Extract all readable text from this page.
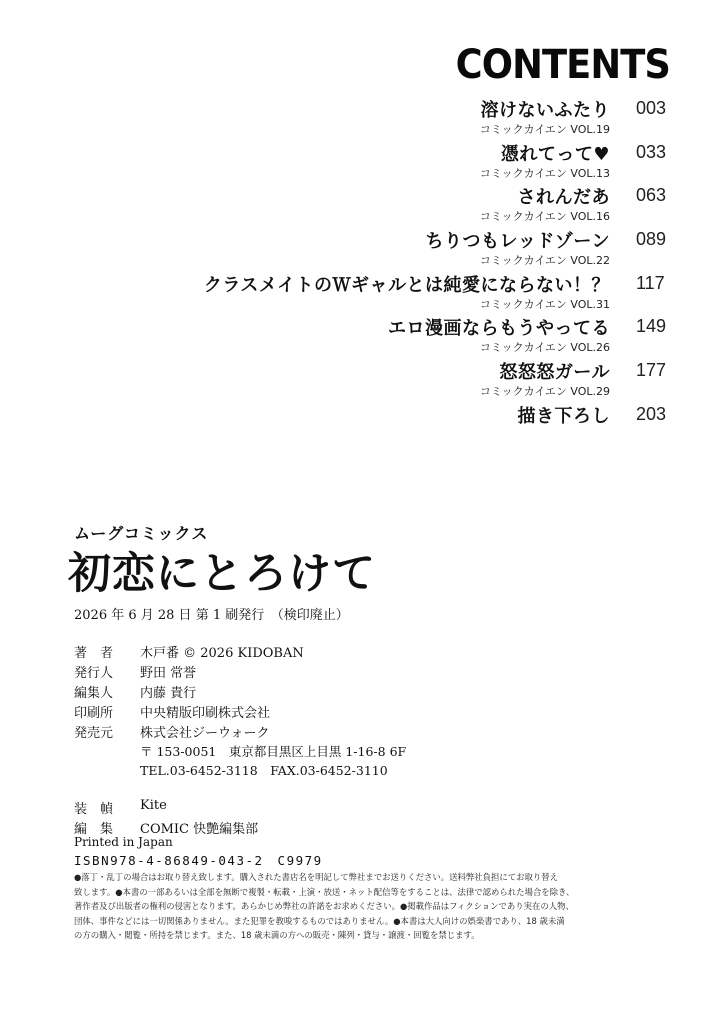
CONTENTS
溶けないふたり
コミックカイエン VOL.19
003
憑れてって♥
コミックカイエン VOL.13
033
されんだあ
コミックカイエン VOL.16
063
ちりつもレッドゾーン
コミックカイエン VOL.22
089
クラスメイトのＷギャルとは純愛にならない！？
コミックカイエン VOL.31
117
エロ漫画ならもうやってる
コミックカイエン VOL.26
149
怒怒怒ガール
コミックカイエン VOL.29
177
描き下ろし 203
ムーグコミックス
初恋にとろけて
2026 年 6 月 28 日 第 1 刷発行　（検印廃止）
著　者 木戸番 © 2026 KIDOBAN
発行人 野田 常誉
編集人 内藤 貴行
印刷所 中央精版印刷株式会社
発売元 株式会社ジーウォーク
〒 153-0051　東京都目黒区上目黒 1-16-8 6F
TEL.03-6452-3118　FAX.03-6452-3110
装　幀 Kite
編　集 COMIC 快艶編集部
Printed in Japan
ISBN978-4-86849-043-2　C9979
●落丁・乱丁の場合はお取り替え致します。購入された書店名を明記して弊社までお送りください。送料弊社負担にてお取り替え
致します。●本書の一部あるいは全部を無断で複製・転載・上演・放送・ネット配信等をすることは、法律で認められた場合を除き、
著作者及び出版者の権利の侵害となります。あらかじめ弊社の許諾をお求めください。●掲載作品はフィクションであり実在の人物、
団体、事件などには一切関係ありません。また犯罪を教唆するものではありません。●本書は大人向けの娯楽書であり、18 歳未満
の方の購入・閲覧・所持を禁じます。また、18 歳未満の方への販売・陳列・貸与・譲渡・回覧を禁じます。
